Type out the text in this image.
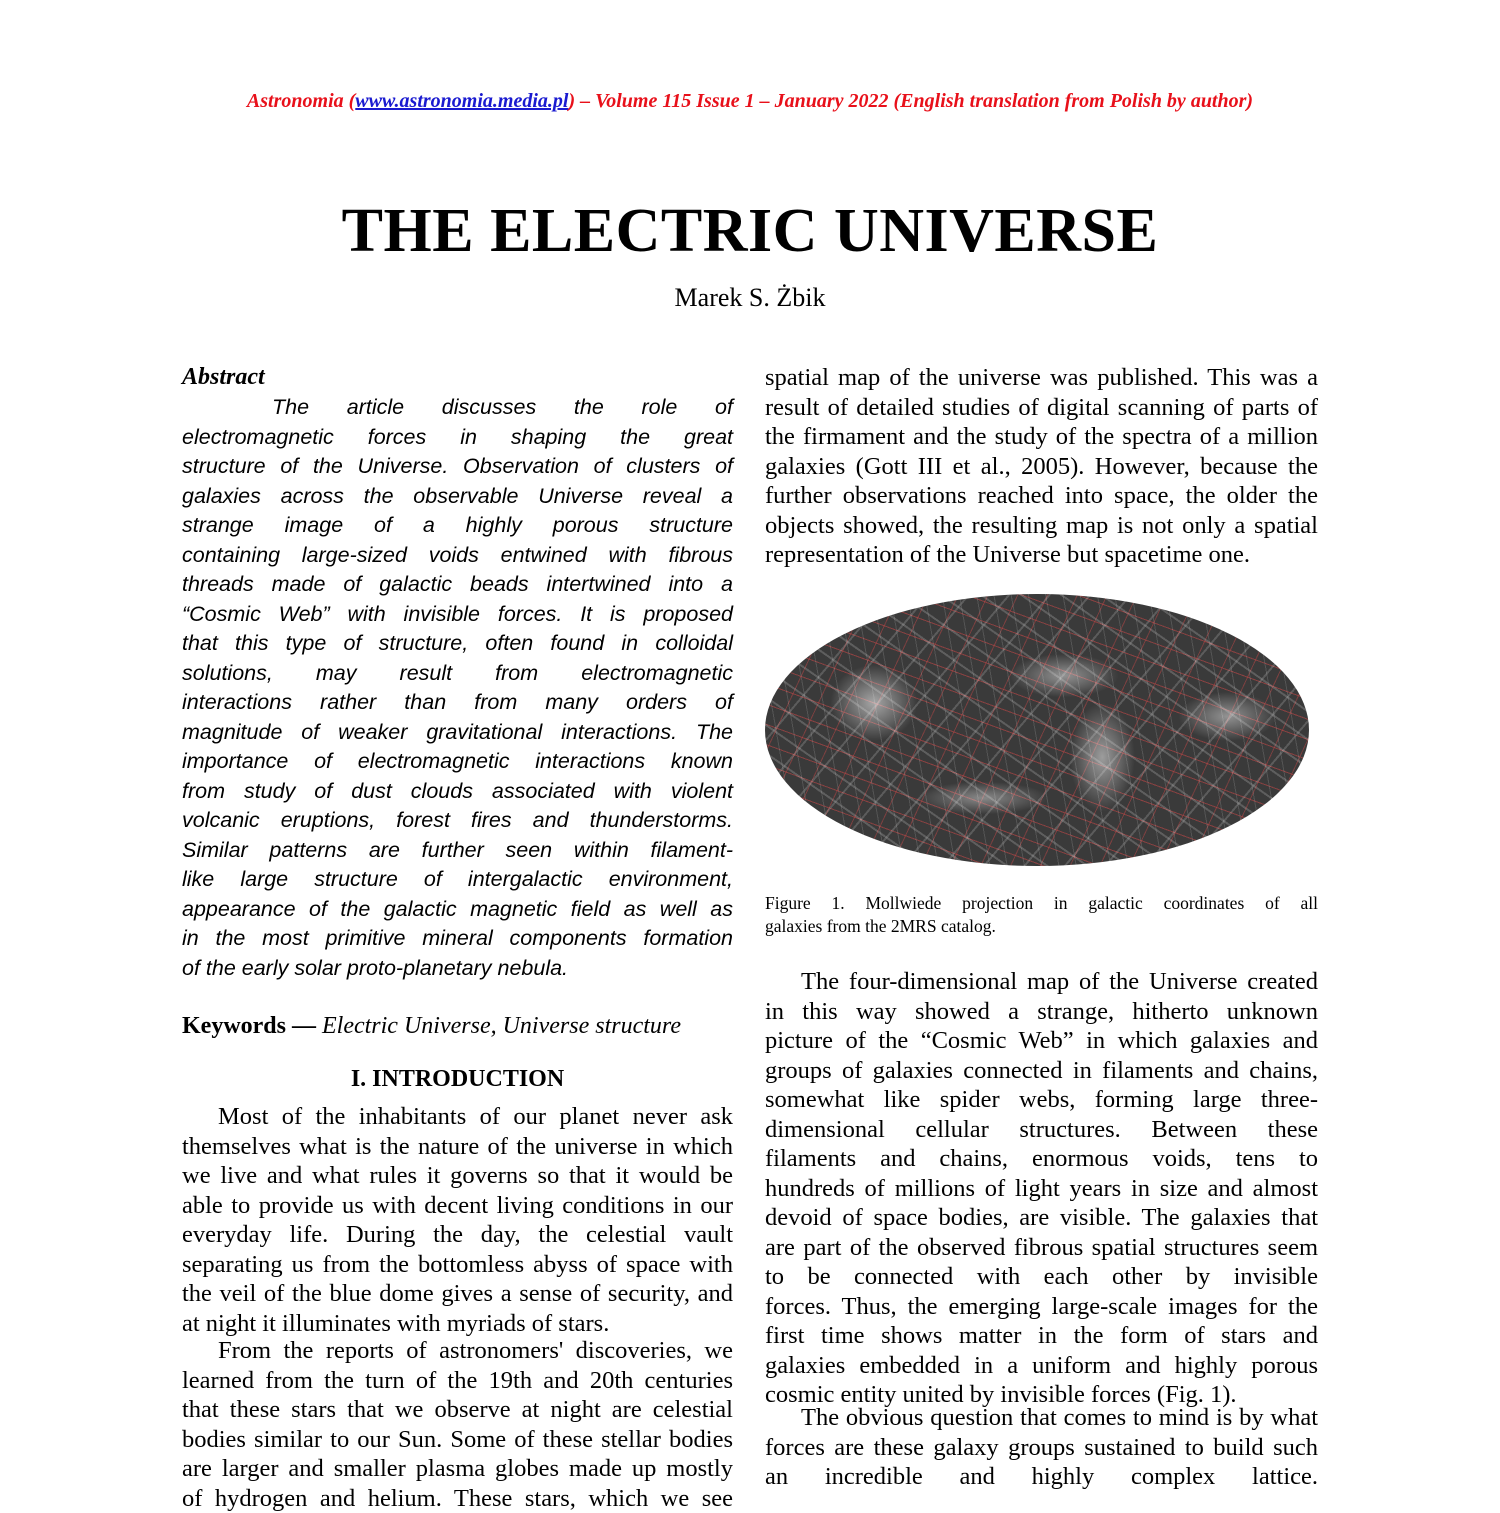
Astronomia (www.astronomia.media.pl) – Volume 115 Issue 1 – January 2022 (English translation from Polish by author)
THE ELECTRIC UNIVERSE
Marek S. Żbik
Abstract
The article discusses the role of
electromagnetic forces in shaping the great
structure of the Universe. Observation of clusters of
galaxies across the observable Universe reveal a
strange image of a highly porous structure
containing large-sized voids entwined with fibrous
threads made of galactic beads intertwined into a
“Cosmic Web” with invisible forces. It is proposed
that this type of structure, often found in colloidal
solutions, may result from electromagnetic
interactions rather than from many orders of
magnitude of weaker gravitational interactions. The
importance of electromagnetic interactions known
from study of dust clouds associated with violent
volcanic eruptions, forest fires and thunderstorms.
Similar patterns are further seen within filament-
like large structure of intergalactic environment,
appearance of the galactic magnetic field as well as
in the most primitive mineral components formation
of the early solar proto-planetary nebula.
Keywords — Electric Universe, Universe structure
I. INTRODUCTION
Most of the inhabitants of our planet never ask
themselves what is the nature of the universe in which
we live and what rules it governs so that it would be
able to provide us with decent living conditions in our
everyday life. During the day, the celestial vault
separating us from the bottomless abyss of space with
the veil of the blue dome gives a sense of security, and
at night it illuminates with myriads of stars.
From the reports of astronomers' discoveries, we
learned from the turn of the 19th and 20th centuries
that these stars that we observe at night are celestial
bodies similar to our Sun. Some of these stellar bodies
are larger and smaller plasma globes made up mostly
of hydrogen and helium. These stars, which we see
spatial map of the universe was published. This was a
result of detailed studies of digital scanning of parts of
the firmament and the study of the spectra of a million
galaxies (Gott III et al., 2005). However, because the
further observations reached into space, the older the
objects showed, the resulting map is not only a spatial
representation of the Universe but spacetime one.
Figure 1. Mollwiede projection in galactic coordinates of all
galaxies from the 2MRS catalog.
The four-dimensional map of the Universe created
in this way showed a strange, hitherto unknown
picture of the “Cosmic Web” in which galaxies and
groups of galaxies connected in filaments and chains,
somewhat like spider webs, forming large three-
dimensional cellular structures. Between these
filaments and chains, enormous voids, tens to
hundreds of millions of light years in size and almost
devoid of space bodies, are visible. The galaxies that
are part of the observed fibrous spatial structures seem
to be connected with each other by invisible
forces. Thus, the emerging large-scale images for the
first time shows matter in the form of stars and
galaxies embedded in a uniform and highly porous
cosmic entity united by invisible forces (Fig. 1).
The obvious question that comes to mind is by what
forces are these galaxy groups sustained to build such
an incredible and highly complex lattice.
